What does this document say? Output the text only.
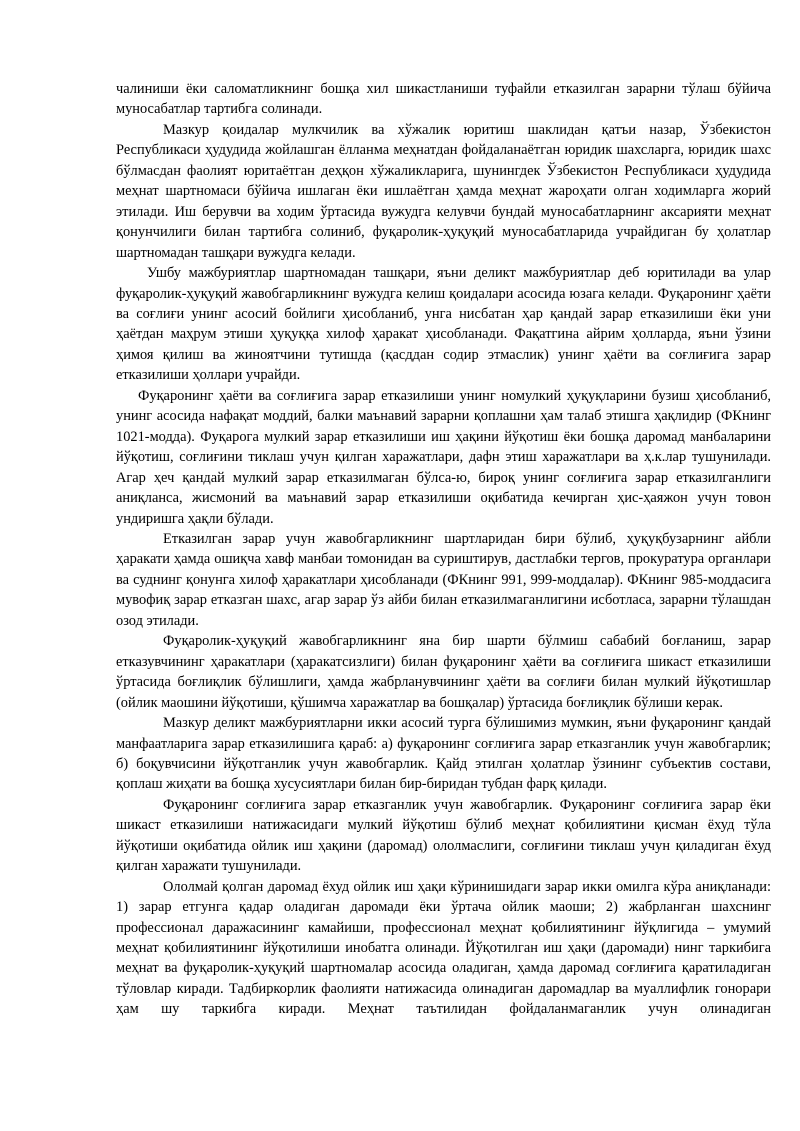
чалиниши ёки саломатликнинг бошқа хил шикастланиши туфайли етказилган зарарни тўлаш бўйича муносабатлар тартибга солинади.

Мазкур қоидалар мулкчилик ва хўжалик юритиш шаклидан қатъи назар, Ўзбекистон Республикаси ҳудудида жойлашган ёлланма меҳнатдан фойдаланаётган юридик шахсларга, юридик шахс бўлмасдан фаолият юритаётган деҳқон хўжаликларига, шунингдек Ўзбекистон Республикаси ҳудудида меҳнат шартномаси бўйича ишлаган ёки ишлаётган ҳамда меҳнат жароҳати олган ходимларга жорий этилади. Иш берувчи ва ходим ўртасида вужудга келувчи бундай муносабатларнинг аксарияти меҳнат қонунчилиги билан тартибга солиниб, фуқаролик-ҳуқуқий муносабатларида учрайдиган бу ҳолатлар шартномадан ташқари вужудга келади.

Ушбу мажбуриятлар шартномадан ташқари, яъни деликт мажбуриятлар деб юритилади ва улар фуқаролик-ҳуқуқий жавобгарликнинг вужудга келиш қоидалари асосида юзага келади. Фуқаронинг ҳаёти ва соғлиғи унинг асосий бойлиги ҳисобланиб, унга нисбатан ҳар қандай зарар етказилиши ёки уни ҳаётдан маҳрум этиши ҳуқуққа хилоф ҳаракат ҳисобланади. Фақатгина айрим ҳолларда, яъни ўзини ҳимоя қилиш ва жиноятчини тутишда (қасддан содир этмаслик) унинг ҳаёти ва соғлиғига зарар етказилиши ҳоллари учрайди.

Фуқаронинг ҳаёти ва соғлиғига зарар етказилиши унинг номулкий ҳуқуқларини бузиш ҳисобланиб, унинг асосида нафақат моддий, балки маънавий зарарни қоплашни ҳам талаб этишга ҳақлидир (ФКнинг 1021-модда). Фуқарога мулкий зарар етказилиши иш ҳақини йўқотиш ёки бошқа даромад манбаларини йўқотиш, соғлиғини тиклаш учун қилган харажатлари, дафн этиш харажатлари ва ҳ.к.лар тушунилади. Агар ҳеч қандай мулкий зарар етказилмаган бўлса-ю, бироқ унинг соғлиғига зарар етказилганлиги аниқланса, жисмоний ва маънавий зарар етказилиши оқибатида кечирган ҳис-ҳаяжон учун товон ундиришга ҳақли бўлади.

Етказилган зарар учун жавобгарликнинг шартларидан бири бўлиб, ҳуқуқбузарнинг айбли ҳаракати ҳамда ошиқча хавф манбаи томонидан ва суриштирув, дастлабки тергов, прокуратура органлари ва суднинг қонунга хилоф ҳаракатлари ҳисобланади (ФКнинг 991, 999-моддалар). ФКнинг 985-моддасига мувофиқ зарар етказган шахс, агар зарар ўз айби билан етказилмаганлигини исботласа, зарарни тўлашдан озод этилади.

Фуқаролик-ҳуқуқий жавобгарликнинг яна бир шарти бўлмиш сабабий боғланиш, зарар етказувчининг ҳаракатлари (ҳаракатсизлиги) билан фуқаронинг ҳаёти ва соғлиғига шикаст етказилиши ўртасида боғлиқлик бўлишлиги, ҳамда жабрланувчининг ҳаёти ва соғлиғи билан мулкий йўқотишлар (ойлик маошини йўқотиши, қўшимча харажатлар ва бошқалар) ўртасида боғлиқлик бўлиши керак.

Мазкур деликт мажбуриятларни икки асосий турга бўлишимиз мумкин, яъни фуқаронинг қандай манфаатларига зарар етказилишига қараб: а) фуқаронинг соғлиғига зарар етказганлик учун жавобгарлик; б) боқувчисини йўқотганлик учун жавобгарлик. Қайд этилган ҳолатлар ўзининг субъектив состави, қоплаш жиҳати ва бошқа хусусиятлари билан бир-биридан тубдан фарқ қилади.

Фуқаронинг соғлиғига зарар етказганлик учун жавобгарлик. Фуқаронинг соғлиғига зарар ёки шикаст етказилиши натижасидаги мулкий йўқотиш бўлиб меҳнат қобилиятини қисман ёхуд тўла йўқотиши оқибатида ойлик иш ҳақини (даромад) ололмаслиги, соғлиғини тиклаш учун қиладиган ёхуд қилган харажати тушунилади.

Ололмай қолган даромад ёхуд ойлик иш ҳақи кўринишидаги зарар икки омилга кўра аниқланади: 1) зарар етгунга қадар оладиган даромади ёки ўртача ойлик маоши; 2) жабрланган шахснинг профессионал даражасининг камайиши, профессионал меҳнат қобилиятининг йўқлигида – умумий меҳнат қобилиятининг йўқотилиши инобатга олинади. Йўқотилган иш ҳақи (даромади) нинг таркибига меҳнат ва фуқаролик-ҳуқуқий шартномалар асосида оладиган, ҳамда даромад соғлиғига қаратиладиган тўловлар киради. Тадбиркорлик фаолияти натижасида олинадиган даромадлар ва муаллифлик гонорари ҳам шу таркибга киради. Меҳнат таътилидан фойдаланмаганлик учун олинадиган
